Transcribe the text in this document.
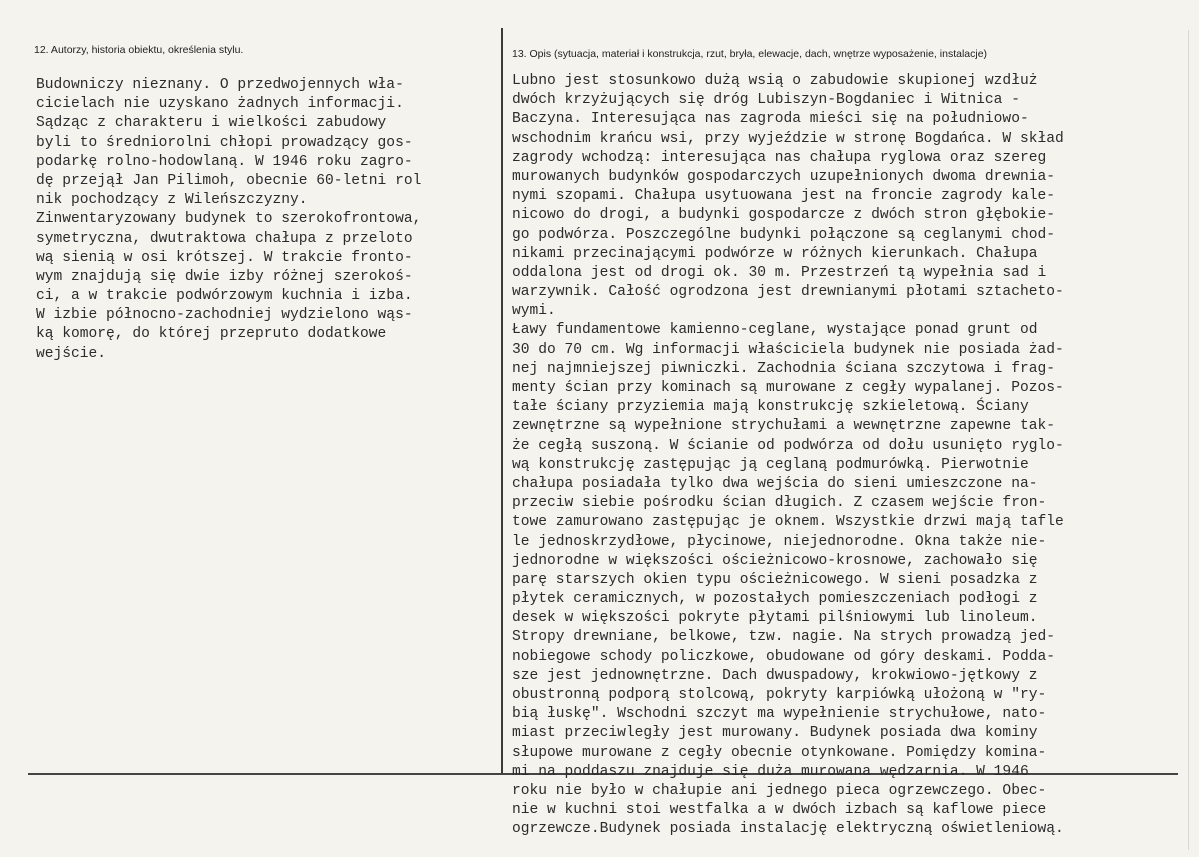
12. Autorzy, historia obiektu, określenia stylu.	13. Opis (sytuacja, materiał i konstrukcja, rzut, bryła, elewacje, dach, wnętrze wyposażenie, instalacje)
Budowniczy nieznany. O przedwojennych wła-
cicielach nie uzyskano żadnych informacji.
Sądząc z charakteru i wielkości zabudowy
byli to średniorolni chłopi prowadzący gos-
podarkę rolno-hodowlaną. W 1946 roku zagro-
dę przejął Jan Pilimoh, obecnie 60-letni rol
nik pochodzący z Wileńszczyzny.
Zinwentaryzowany budynek to szerokofrontowa,
symetryczna, dwutraktowa chałupa z przeloto
wą sienią w osi krótszej. W trakcie fronto-
wym znajdują się dwie izby różnej szerokoś-
ci, a w trakcie podwórzowym kuchnia i izba.
W izbie północno-zachodniej wydzielono wąs-
ką komorę, do której przepruto dodatkowe
wejście.
Lubno jest stosunkowo dużą wsią o zabudowie skupionej wzdłuż
dwóch krzyżujących się dróg Lubiszyn-Bogdaniec i Witnica -
Baczyna. Interesująca nas zagroda mieści się na południowo-
wschodnim krańcu wsi, przy wyjeździe w stronę Bogdańca. W skład
zagrody wchodzą: interesująca nas chałupa ryglowa oraz szereg
murowanych budynków gospodarczych uzupełnionych dwoma drewnia-
nymi szopami. Chałupa usytuowana jest na froncie zagrody kale-
nicowo do drogi, a budynki gospodarcze z dwóch stron głębokie-
go podwórza. Poszczególne budynki połączone są ceglanymi chod-
nikami przecinającymi podwórze w różnych kierunkach. Chałupa
oddalona jest od drogi ok. 30 m. Przestrzeń tą wypełnia sad i
warzywnik. Całość ogrodzona jest drewnianymi płotami sztacheto-
wymi.
Ławy fundamentowe kamienno-ceglane, wystające ponad grunt od
30 do 70 cm. Wg informacji właściciela budynek nie posiada żad-
nej najmniejszej piwniczki. Zachodnia ściana szczytowa i frag-
menty ścian przy kominach są murowane z cegły wypalanej. Pozos-
tałe ściany przyziemia mają konstrukcję szkieletową. Ściany
zewnętrzne są wypełnione strychułami a wewnętrzne zapewne tak-
że cegłą suszoną. W ścianie od podwórza od dołu usunięto ryglo-
wą konstrukcję zastępując ją ceglaną podmurówką. Pierwotnie
chałupa posiadała tylko dwa wejścia do sieni umieszczone na-
przeciw siebie pośrodku ścian długich. Z czasem wejście fron-
towe zamurowano zastępując je oknem. Wszystkie drzwi mają tafle
le jednoskrzydłowe, płycinowe, niejednorodne. Okna także nie-
jednorodne w większości ościeżnicowo-krosnowe, zachowało się
parę starszych okien typu ościeżnicowego. W sieni posadzka z
płytek ceramicznych, w pozostałych pomieszczeniach podłogi z
desek w większości pokryte płytami pilśniowymi lub linoleum.
Stropy drewniane, belkowe, tzw. nagie. Na strych prowadzą jed-
nobiegowe schody policzkowe, obudowane od góry deskami. Podda-
sze jest jednownętrzne. Dach dwuspadowy, krokwiowo-jętkowy z
obustronną podporą stolcową, pokryty karpiówką ułożoną w "ry-
bią łuskę". Wschodni szczyt ma wypełnienie strychułowe, nato-
miast przeciwległy jest murowany. Budynek posiada dwa kominy
słupowe murowane z cegły obecnie otynkowane. Pomiędzy komina-
mi na poddaszu znajduje się duża murowana wędzarnia. W 1946
roku nie było w chałupie ani jednego pieca ogrzewczego. Obec-
nie w kuchni stoi westfalka a w dwóch izbach są kaflowe piece
ogrzewcze.Budynek posiada instalację elektryczną oświetleniową.
